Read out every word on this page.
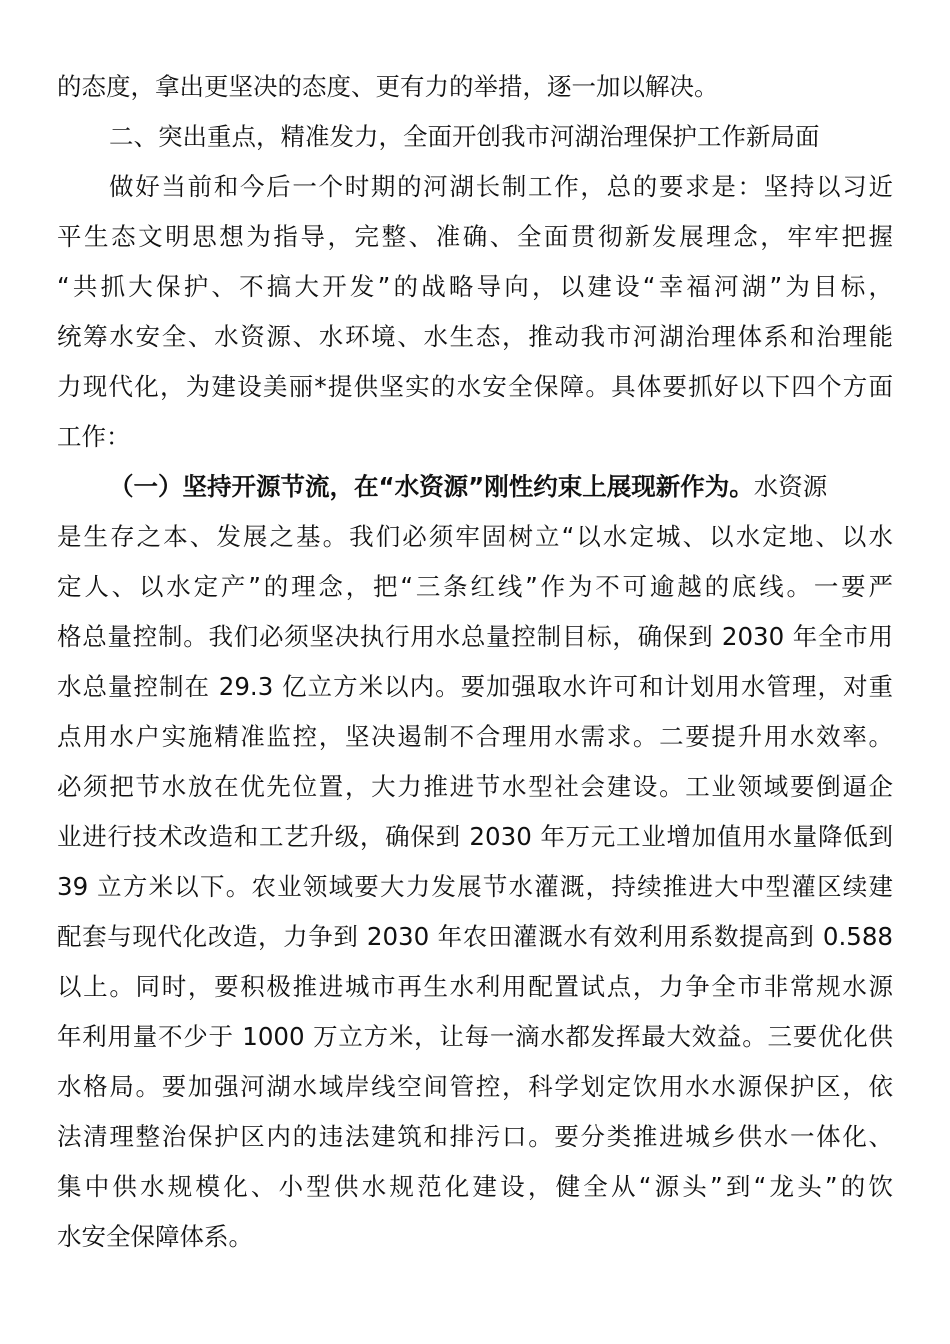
的态度，拿出更坚决的态度、更有力的举措，逐一加以解决。
二、突出重点，精准发力，全面开创我市河湖治理保护工作新局面
做好当前和今后一个时期的河湖长制工作，总的要求是：坚持以习近
平生态文明思想为指导，完整、准确、全面贯彻新发展理念，牢牢把握
“共抓大保护、不搞大开发”的战略导向，以建设“幸福河湖”为目标，
统筹水安全、水资源、水环境、水生态，推动我市河湖治理体系和治理能
力现代化，为建设美丽*提供坚实的水安全保障。具体要抓好以下四个方面
工作：
（一）坚持开源节流，在“水资源”刚性约束上展现新作为。水资源
是生存之本、发展之基。我们必须牢固树立“以水定城、以水定地、以水
定人、以水定产”的理念，把“三条红线”作为不可逾越的底线。一要严
格总量控制。我们必须坚决执行用水总量控制目标，确保到 2030 年全市用
水总量控制在 29.3 亿立方米以内。要加强取水许可和计划用水管理，对重
点用水户实施精准监控，坚决遏制不合理用水需求。二要提升用水效率。
必须把节水放在优先位置，大力推进节水型社会建设。工业领域要倒逼企
业进行技术改造和工艺升级，确保到 2030 年万元工业增加值用水量降低到
39 立方米以下。农业领域要大力发展节水灌溉，持续推进大中型灌区续建
配套与现代化改造，力争到 2030 年农田灌溉水有效利用系数提高到 0.588
以上。同时，要积极推进城市再生水利用配置试点，力争全市非常规水源
年利用量不少于 1000 万立方米，让每一滴水都发挥最大效益。三要优化供
水格局。要加强河湖水域岸线空间管控，科学划定饮用水水源保护区，依
法清理整治保护区内的违法建筑和排污口。要分类推进城乡供水一体化、
集中供水规模化、小型供水规范化建设，健全从“源头”到“龙头”的饮
水安全保障体系。
